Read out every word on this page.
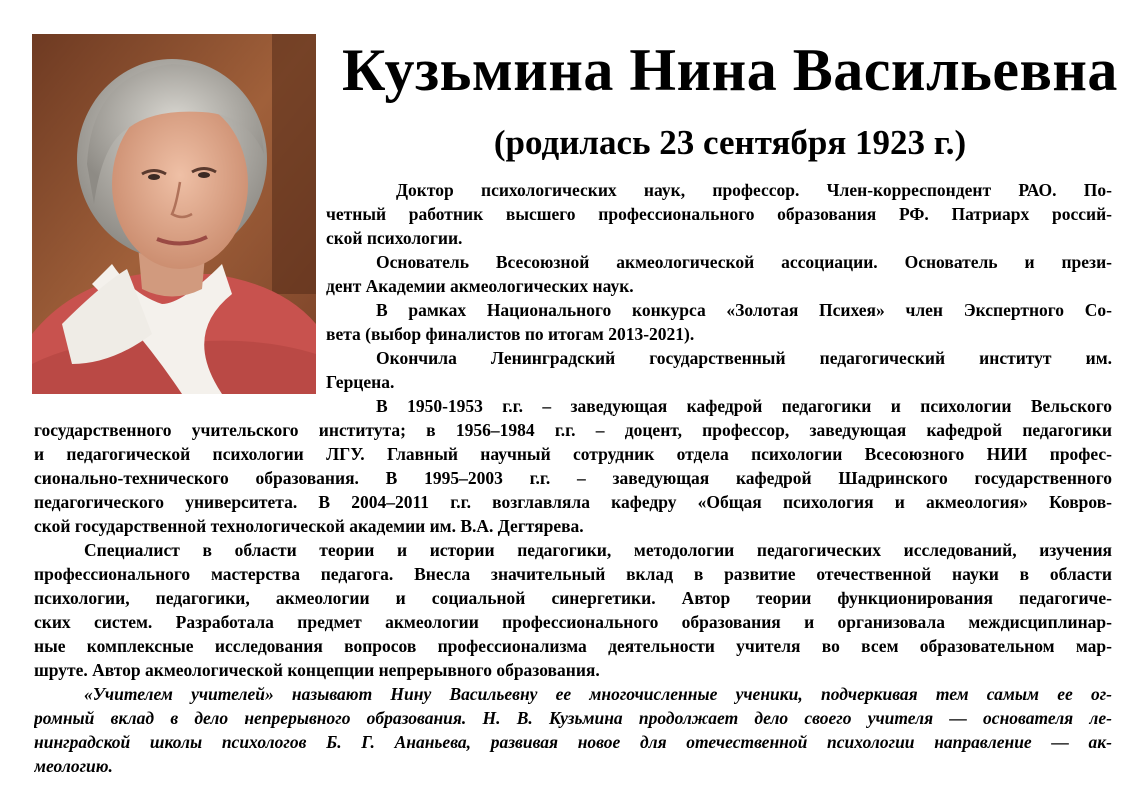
Кузьмина Нина Васильевна
(родилась 23 сентября 1923 г.)
Доктор психологических наук, профессор. Член-корреспондент РАО. По-
четный работник высшего профессионального образования РФ. Патриарх россий-
ской психологии.
Основатель Всесоюзной акмеологической ассоциации. Основатель и прези-
дент Академии акмеологических наук.
В рамках Национального конкурса «Золотая Психея» член Экспертного Со-
вета (выбор финалистов по итогам 2013-2021).
Окончила Ленинградский государственный педагогический институт им.
Герцена.
В 1950-1953 г.г. – заведующая кафедрой педагогики и психологии Вельского
государственного учительского института; в 1956–1984 г.г. – доцент, профессор, заведующая кафедрой педагогики
и педагогической психологии ЛГУ. Главный научный сотрудник отдела психологии Всесоюзного НИИ профес-
сионально-технического образования. В 1995–2003 г.г. – заведующая кафедрой Шадринского государственного
педагогического университета. В 2004–2011 г.г. возглавляла кафедру «Общая психология и акмеология» Ковров-
ской государственной технологической академии им. В.А. Дегтярева.
Специалист в области теории и истории педагогики, методологии педагогических исследований, изучения
профессионального мастерства педагога. Внесла значительный вклад в развитие отечественной науки в области
психологии, педагогики, акмеологии и социальной синергетики. Автор теории функционирования педагогиче-
ских систем. Разработала предмет акмеологии профессионального образования и организовала междисциплинар-
ные комплексные исследования вопросов профессионализма деятельности учителя во всем образовательном мар-
шруте. Автор акмеологической концепции непрерывного образования.
«Учителем учителей» называют Нину Васильевну ее многочисленные ученики, подчеркивая тем самым ее ог-
ромный вклад в дело непрерывного образования. Н. В. Кузьмина продолжает дело своего учителя — основателя ле-
нинградской школы психологов Б. Г. Ананьева, развивая новое для отечественной психологии направление — ак-
меологию.
